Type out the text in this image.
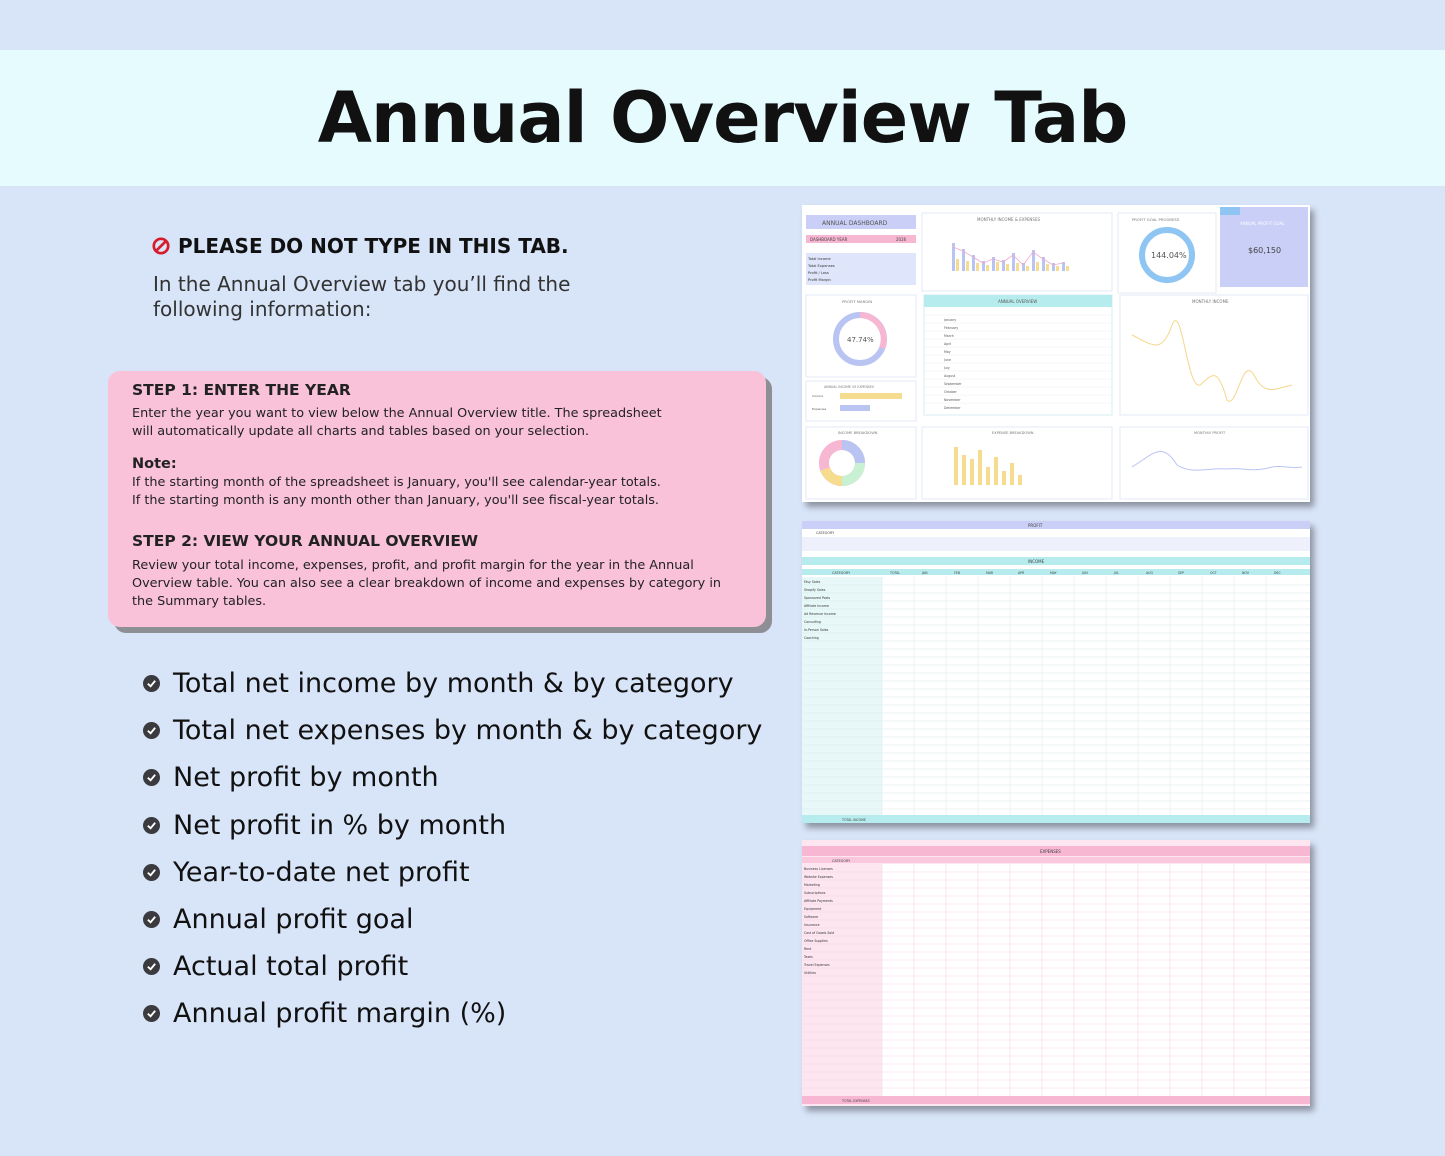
Annual Overview Tab
PLEASE DO NOT TYPE IN THIS TAB.
In the Annual Overview tab you’ll find the
following information:
STEP 1: ENTER THE YEAR
Enter the year you want to view below the Annual Overview title. The spreadsheet
will automatically update all charts and tables based on your selection.
Note:
If the starting month of the spreadsheet is January, you'll see calendar-year totals.
If the starting month is any month other than January, you'll see fiscal-year totals.
STEP 2: VIEW YOUR ANNUAL OVERVIEW
Review your total income, expenses, profit, and profit margin for the year in the Annual
Overview table. You can also see a clear breakdown of income and expenses by category in
the Summary tables.
Total net income by month & by category
Total net expenses by month & by category
Net profit by month
Net profit in % by month
Year-to-date net profit
Annual profit goal
Actual total profit
Annual profit margin (%)
ANNUAL DASHBOARD
DASHBOARD YEAR	2026
Total Income
Total Expenses
Profit / Loss
Profit Margin
MONTHLY INCOME & EXPENSES	PROFIT GOAL PROGRESS
144.04%
ANNUAL PROFIT GOAL
$60,150
PROFIT MARGIN
47.74%
ANNUAL OVERVIEW
January
February
March
April
May
June
July
August
September
October
November
December
MONTHLY INCOME
ANNUAL INCOME VS EXPENSES
Income
Expenses
INCOME BREAKDOWN	EXPENSE BREAKDOWN	MONTHLY PROFIT
PROFIT
CATEGORY
INCOME
CATEGORY	TOTAL	JAN	FEB	MAR	APR	MAY	JUN	JUL	AUG	SEP	OCT	NOV	DEC
Etsy Sales
Shopify Sales
Sponsored Posts
Affiliate Income
Ad Revenue Income
Consulting
In-Person Sales
Coaching
TOTAL INCOME
EXPENSES
CATEGORY
Business Licenses
Website Expenses
Marketing
Subscriptions
Affiliate Payments
Equipment
Software
Insurance
Cost of Goods Sold
Office Supplies
Rent
Taxes
Travel Expenses
Utilities
TOTAL EXPENSES
